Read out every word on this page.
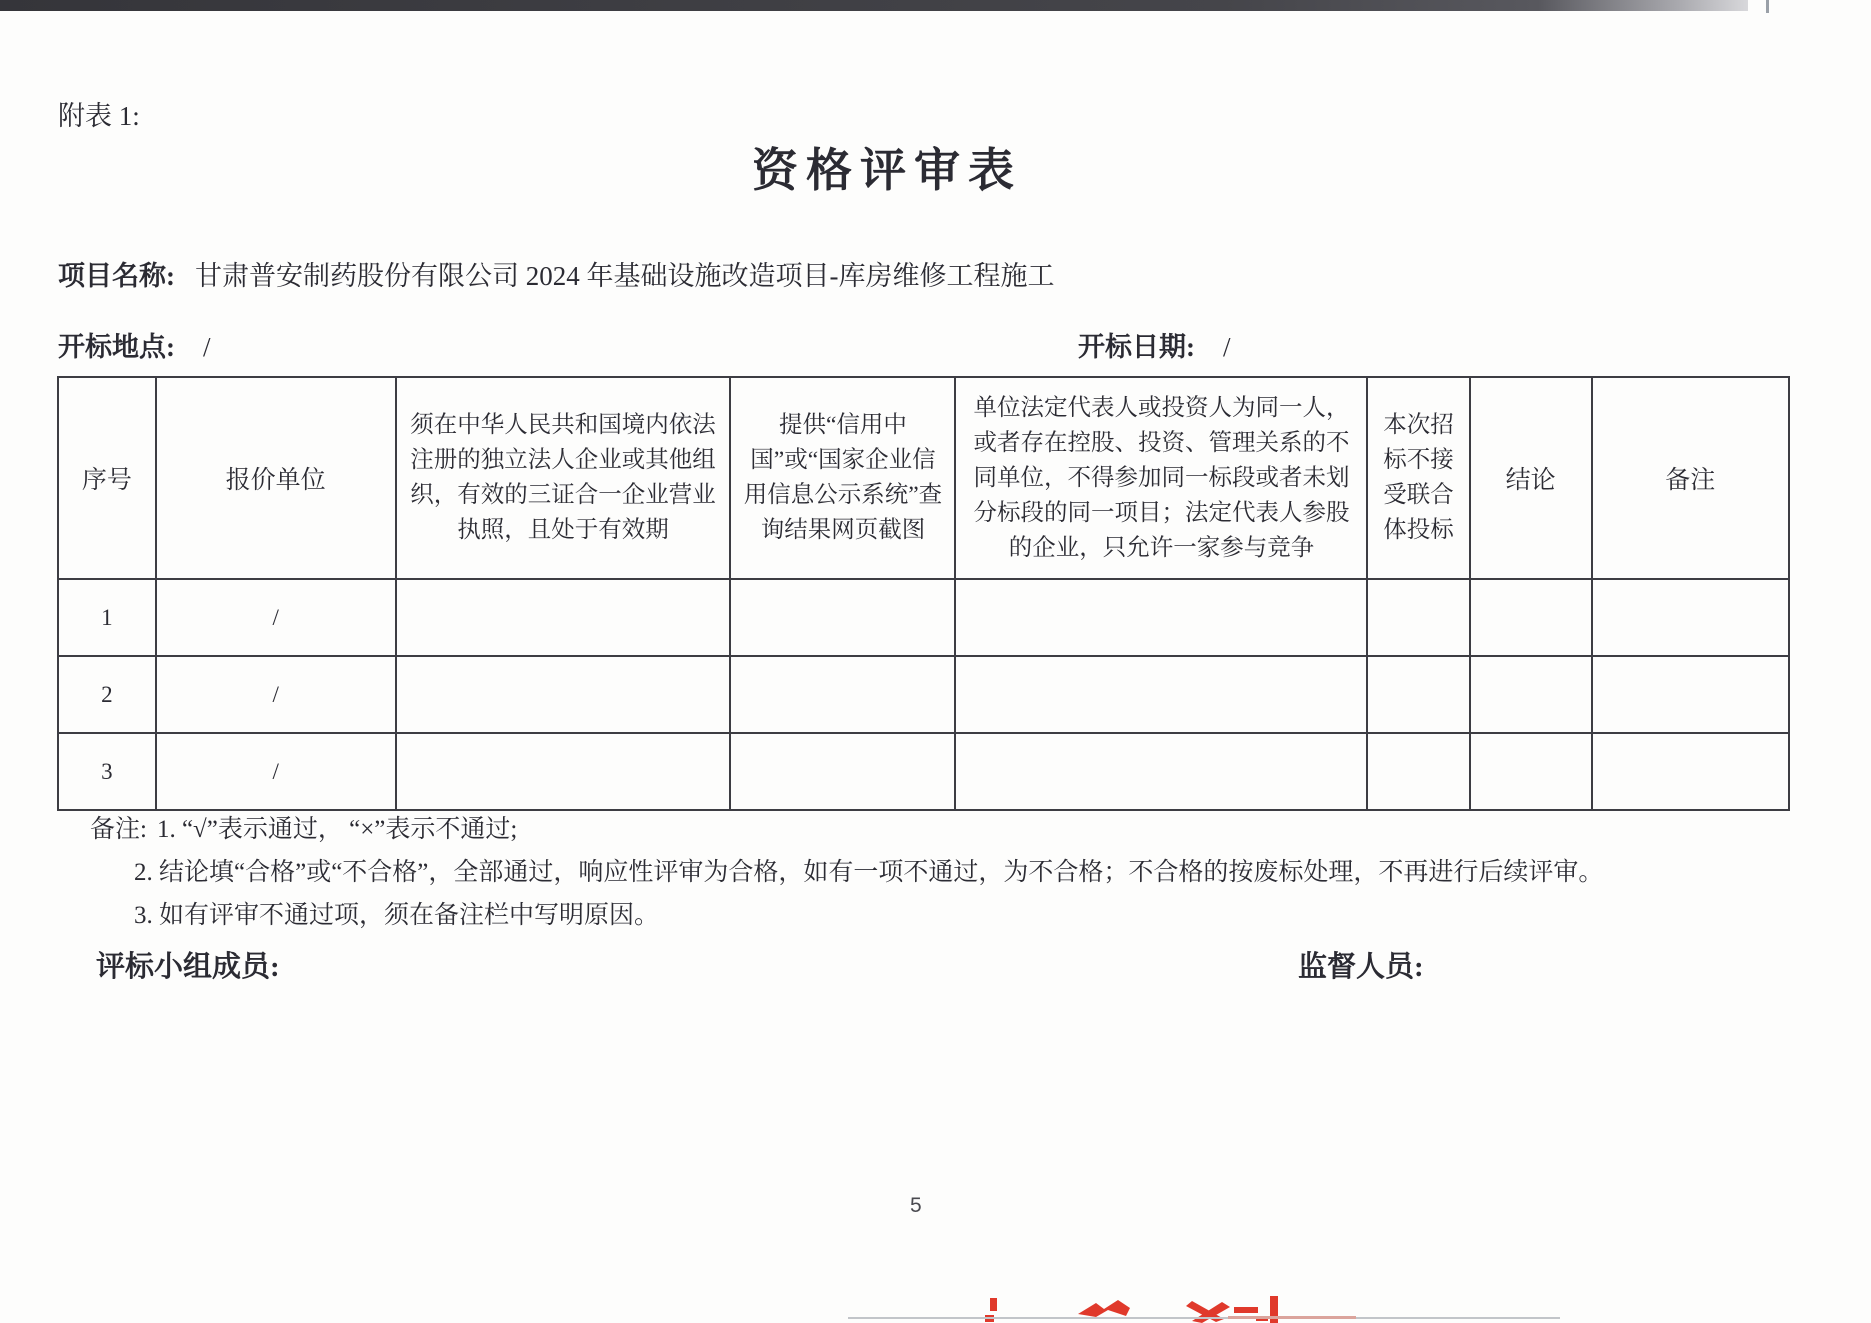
附表 1:
资格评审表
项目名称: 甘肃普安制药股份有限公司 2024 年基础设施改造项目-库房维修工程施工
开标地点: /	开标日期: /
序号	报价单位	须在中华人民共和国境内依法注册的独立法人企业或其他组织，有效的三证合一企业营业执照，且处于有效期	提供“信用中国”或“国家企业信用信息公示系统”查询结果网页截图	单位法定代表人或投资人为同一人，或者存在控股、投资、管理关系的不同单位，不得参加同一标段或者未划分标段的同一项目；法定代表人参股的企业，只允许一家参与竞争	本次招标不接受联合体投标	结论	备注
1	/						
2	/						
3	/						
备注: 1. “√”表示通过， “×”表示不通过;
2. 结论填“合格”或“不合格”，全部通过，响应性评审为合格，如有一项不通过，为不合格；不合格的按废标处理，不再进行后续评审。
3. 如有评审不通过项，须在备注栏中写明原因。
评标小组成员:	监督人员:
5
